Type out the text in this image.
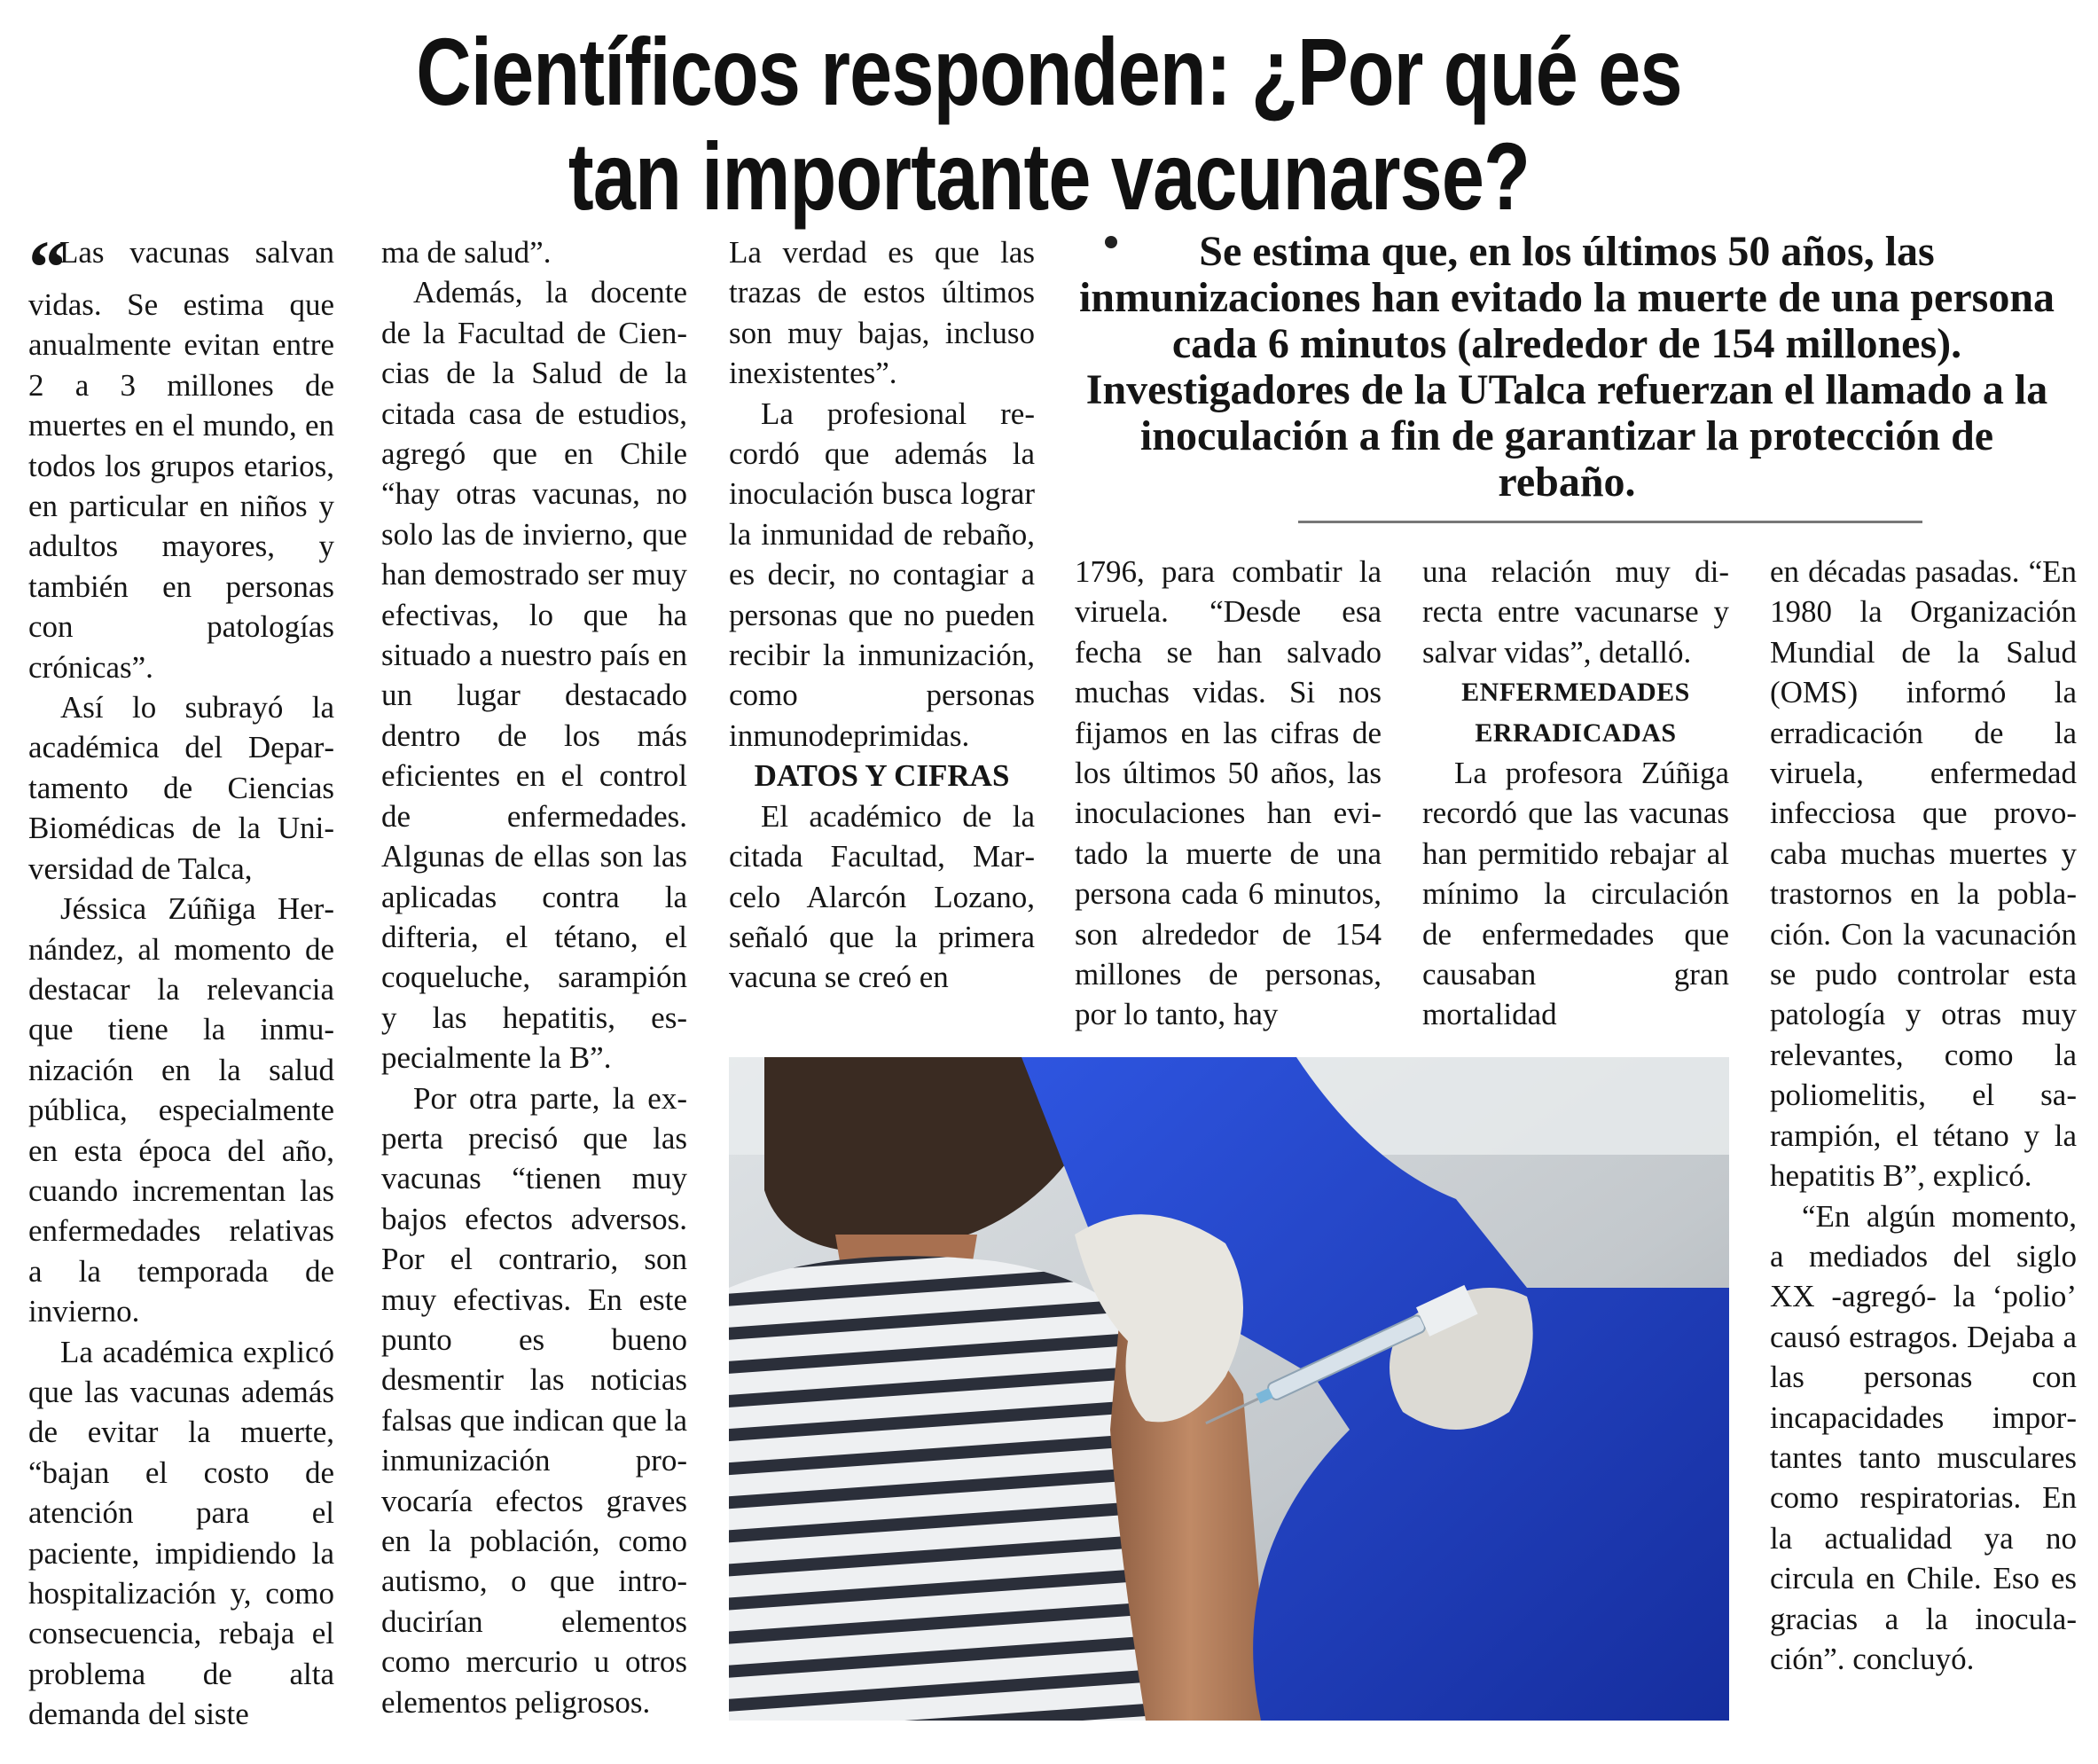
Científicos responden: ¿Por qué es
tan importante vacunarse?

“ Las vacunas salvan vidas. Se estima que anualmente evitan entre 2 a 3 millones de muertes en el mundo, en todos los grupos etarios, en particular en niños y adultos mayores, y también en personas con patologías crónicas”.

Así lo subrayó la académica del Departamento de Ciencias Biomédicas de la Universidad de Talca,

Jéssica Zúñiga Hernández, al momento de destacar la relevancia que tiene la inmunización en la salud pública, especialmente en esta época del año, cuando incrementan las enfermedades relativas a la temporada de invierno.

La académica explicó que las vacunas además de evitar la muerte, “bajan el costo de atención para el paciente, impidiendo la hospitalización y, como consecuencia, rebaja el problema de alta demanda del siste

ma de salud”.

Además, la docente de la Facultad de Ciencias de la Salud de la citada casa de estudios, agregó que en Chile “hay otras vacunas, no solo las de invierno, que han demostrado ser muy efectivas, lo que ha situado a nuestro país en un lugar destacado dentro de los más eficientes en el control de enfermedades. Algunas de ellas son las aplicadas contra la difteria, el tétano, el coqueluche, sarampión y las hepatitis, especialmente la B”.

Por otra parte, la experta precisó que las vacunas “tienen muy bajos efectos adversos. Por el contrario, son muy efectivas. En este punto es bueno desmentir las noticias falsas que indican que la inmunización provocaría efectos graves en la población, como autismo, o que introducirían elementos como mercurio u otros elementos peligrosos.

La verdad es que las trazas de estos últimos son muy bajas, incluso inexistentes”.

La profesional recordó que además la inoculación busca lograr la inmunidad de rebaño, es decir, no contagiar a personas que no pueden recibir la inmunización, como personas inmunodeprimidas.

DATOS Y CIFRAS

El académico de la citada Facultad, Marcelo Alarcón Lozano, señaló que la primera vacuna se creó en

Se estima que, en los últimos 50 años, las inmunizaciones han evitado la muerte de una persona cada 6 minutos (alrededor de 154 millones). Investigadores de la UTalca refuerzan el llamado a la inoculación a fin de garantizar la protección de rebaño.

1796, para combatir la viruela. “Desde esa fecha se han salvado muchas vidas. Si nos fijamos en las cifras de los últimos 50 años, las inoculaciones han evitado la muerte de una persona cada 6 minutos, son alrededor de 154 millones de personas, por lo tanto, hay

una relación muy directa entre vacunarse y salvar vidas”, detalló.

ENFERMEDADES
ERRADICADAS

La profesora Zúñiga recordó que las vacunas han permitido rebajar al mínimo la circulación de enfermedades que causaban gran mortalidad

en décadas pasadas. “En 1980 la Organización Mundial de la Salud (OMS) informó la erradicación de la viruela, enfermedad infecciosa que provocaba muchas muertes y trastornos en la población. Con la vacunación se pudo controlar esta patología y otras muy relevantes, como la poliomelitis, el sarampión, el tétano y la hepatitis B”, explicó.

“En algún momento, a mediados del siglo XX -agregó- la ‘polio’ causó estragos. Dejaba a las personas con incapacidades importantes tanto musculares como respiratorias. En la actualidad ya no circula en Chile. Eso es gracias a la inoculación”. concluyó.
